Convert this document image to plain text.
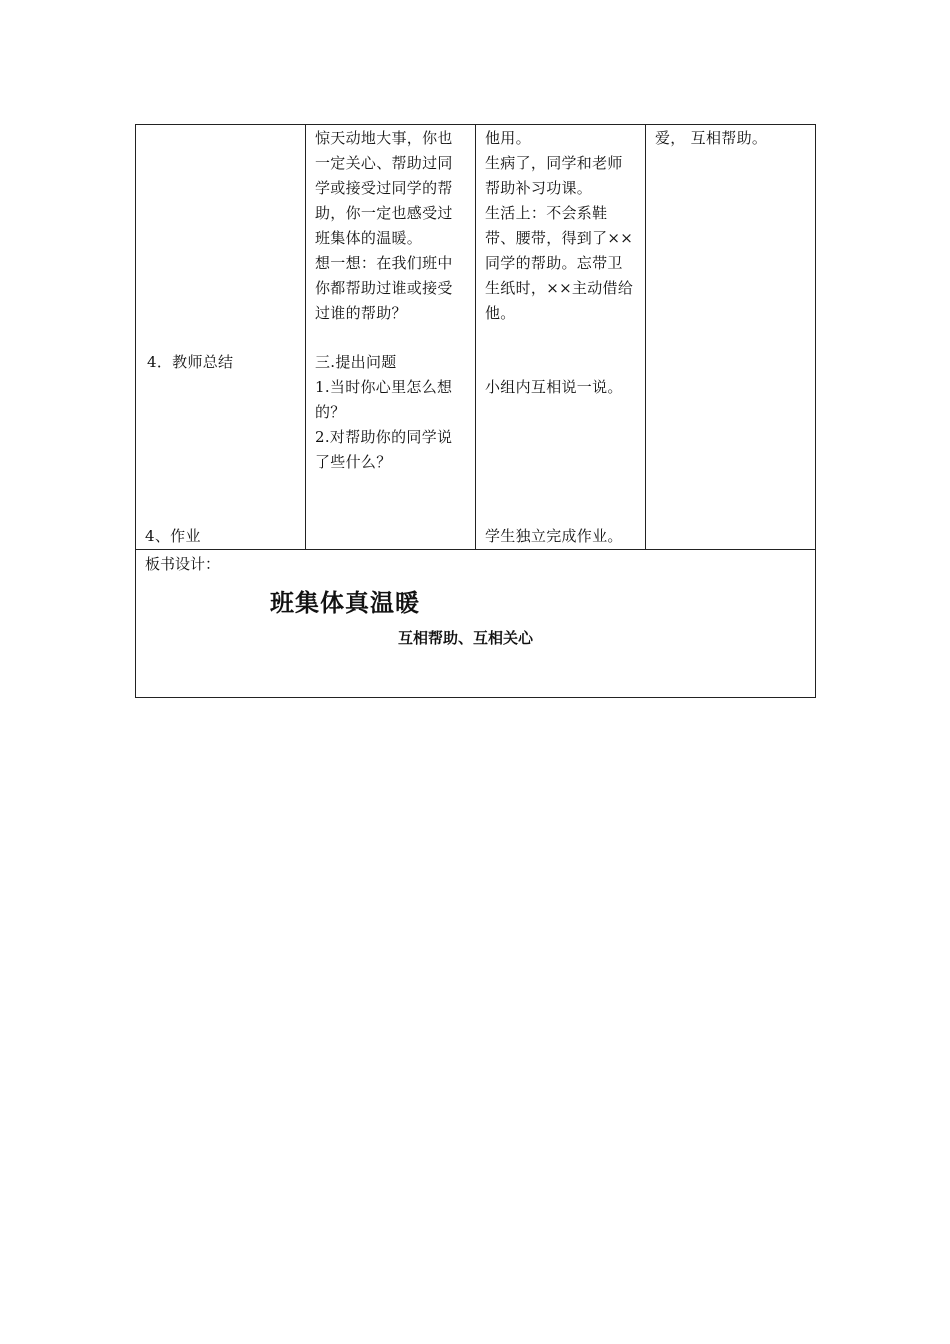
4．教师总结
4、作业
惊天动地大事，你也
一定关心、帮助过同
学或接受过同学的帮
助，你一定也感受过
班集体的温暖。
想一想：在我们班中
你都帮助过谁或接受
过谁的帮助？
三.提出问题
1.当时你心里怎么想
的？
2.对帮助你的同学说
了些什么？
他用。
生病了，同学和老师
帮助补习功课。
生活上：不会系鞋
带、腰带，得到了××
同学的帮助。忘带卫
生纸时，××主动借给
他。
小组内互相说一说。
学生独立完成作业。
爱， 互相帮助。
板书设计：
班集体真温暖
互相帮助、互相关心
